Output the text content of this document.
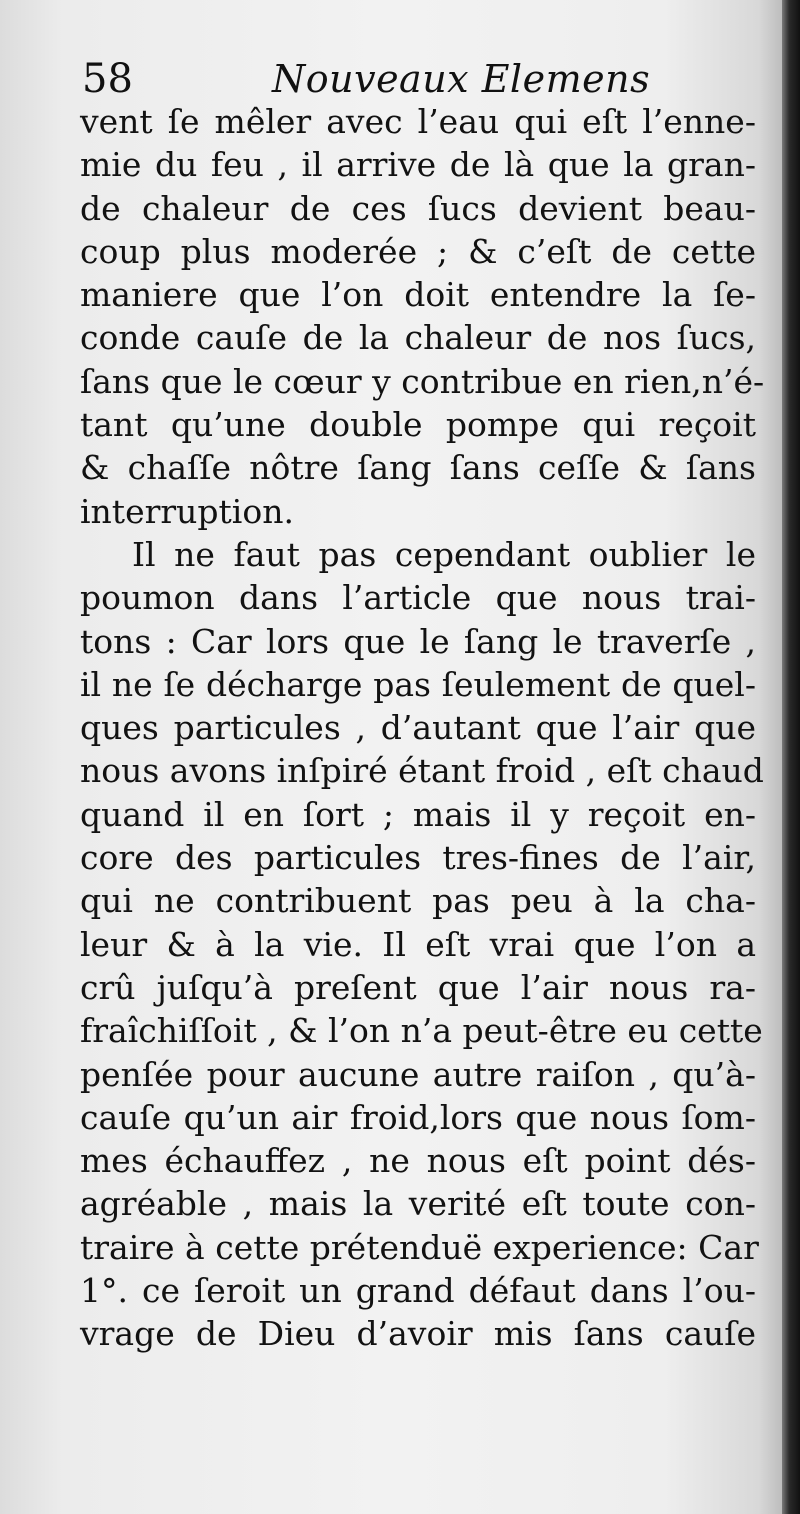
58	Nouveaux Elemens
vent ſe mêler avec l’eau qui eſt l’enne-
mie du feu , il arrive de là que la gran-
de chaleur de ces ſucs devient beau-
coup plus moderée ; & c’eſt de cette
maniere que l’on doit entendre la ſe-
conde cauſe de la chaleur de nos ſucs,
ſans que le cœur y contribue en rien,n’é-
tant qu’une double pompe qui reçoit
& chaſſe nôtre ſang ſans ceſſe & ſans
interruption.
Il ne faut pas cependant oublier le
poumon dans l’article que nous trai-
tons : Car lors que le ſang le traverſe ,
il ne ſe décharge pas ſeulement de quel-
ques particules , d’autant que l’air que
nous avons inſpiré étant froid , eſt chaud
quand il en ſort ; mais il y reçoit en-
core des particules tres-fines de l’air,
qui ne contribuent pas peu à la cha-
leur & à la vie. Il eſt vrai que l’on a
crû juſqu’à preſent que l’air nous ra-
fraîchiſſoit , & l’on n’a peut-être eu cette
penſée pour aucune autre raiſon , qu’à-
cauſe qu’un air froid,lors que nous ſom-
mes échauffez , ne nous eſt point dés-
agréable , mais la verité eſt toute con-
traire à cette prétenduë experience: Car
1°. ce ſeroit un grand défaut dans l’ou-
vrage de Dieu d’avoir mis ſans cauſe
